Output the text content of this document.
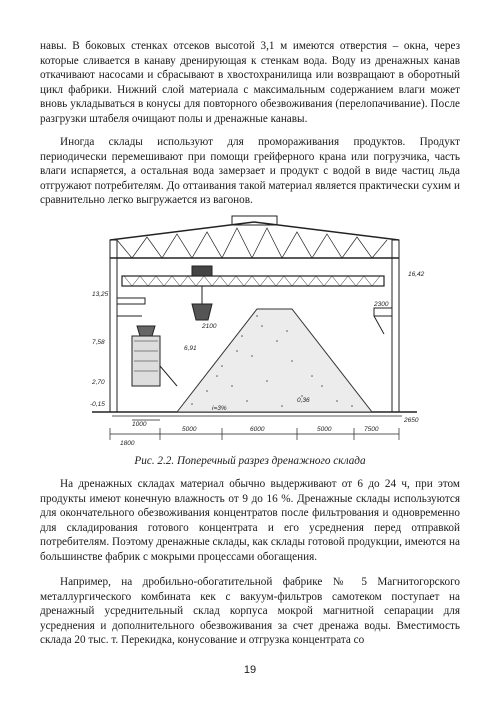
навы. В боковых стенках отсеков высотой 3,1 м имеются отверстия – окна, через которые сливается в канаву дренирующая к стенкам вода. Воду из дренажных канав откачивают насосами и сбрасывают в хвостохранилища или возвращают в оборотный цикл фабрики. Нижний слой материала с максимальным содержанием влаги может вновь укладываться в конусы для повторного обезвоживания (перелопачивание). После разгрузки штабеля очищают полы и дренажные канавы.

Иногда склады используют для промораживания продуктов. Продукт периодически перемешивают при помощи грейферного крана или погрузчика, часть влаги испаряется, а остальная вода замерзает и продукт с водой в виде частиц льда отгружают потребителям. До оттаивания такой материал является практически сухим и сравнительно легко выгружается из вагонов.

16,42
13,25
7,58
6,91
2,70
-0,15
0,36
2100
2300
i=3%
1000
1800
5000	6000	5000	7500
2650
Рис. 2.2. Поперечный разрез дренажного склада

На дренажных складах материал обычно выдерживают от 6 до 24 ч, при этом продукты имеют конечную влажность от 9 до 16 %. Дренажные склады используются для окончательного обезвоживания концентратов после фильтрования и одновременно для складирования готового концентрата и его усреднения перед отправкой потребителям. Поэтому дренажные склады, как склады готовой продукции, имеются на большинстве фабрик с мокрыми процессами обогащения.

Например, на дробильно-обогатительной фабрике № 5 Магнитогорского металлургического комбината кек с вакуум-фильтров самотеком поступает на дренажный усреднительный склад корпуса мокрой магнитной сепарации для усреднения и дополнительного обезвоживания за счет дренажа воды. Вместимость склада 20 тыс. т. Перекидка, конусование и отгрузка концентрата со

19
